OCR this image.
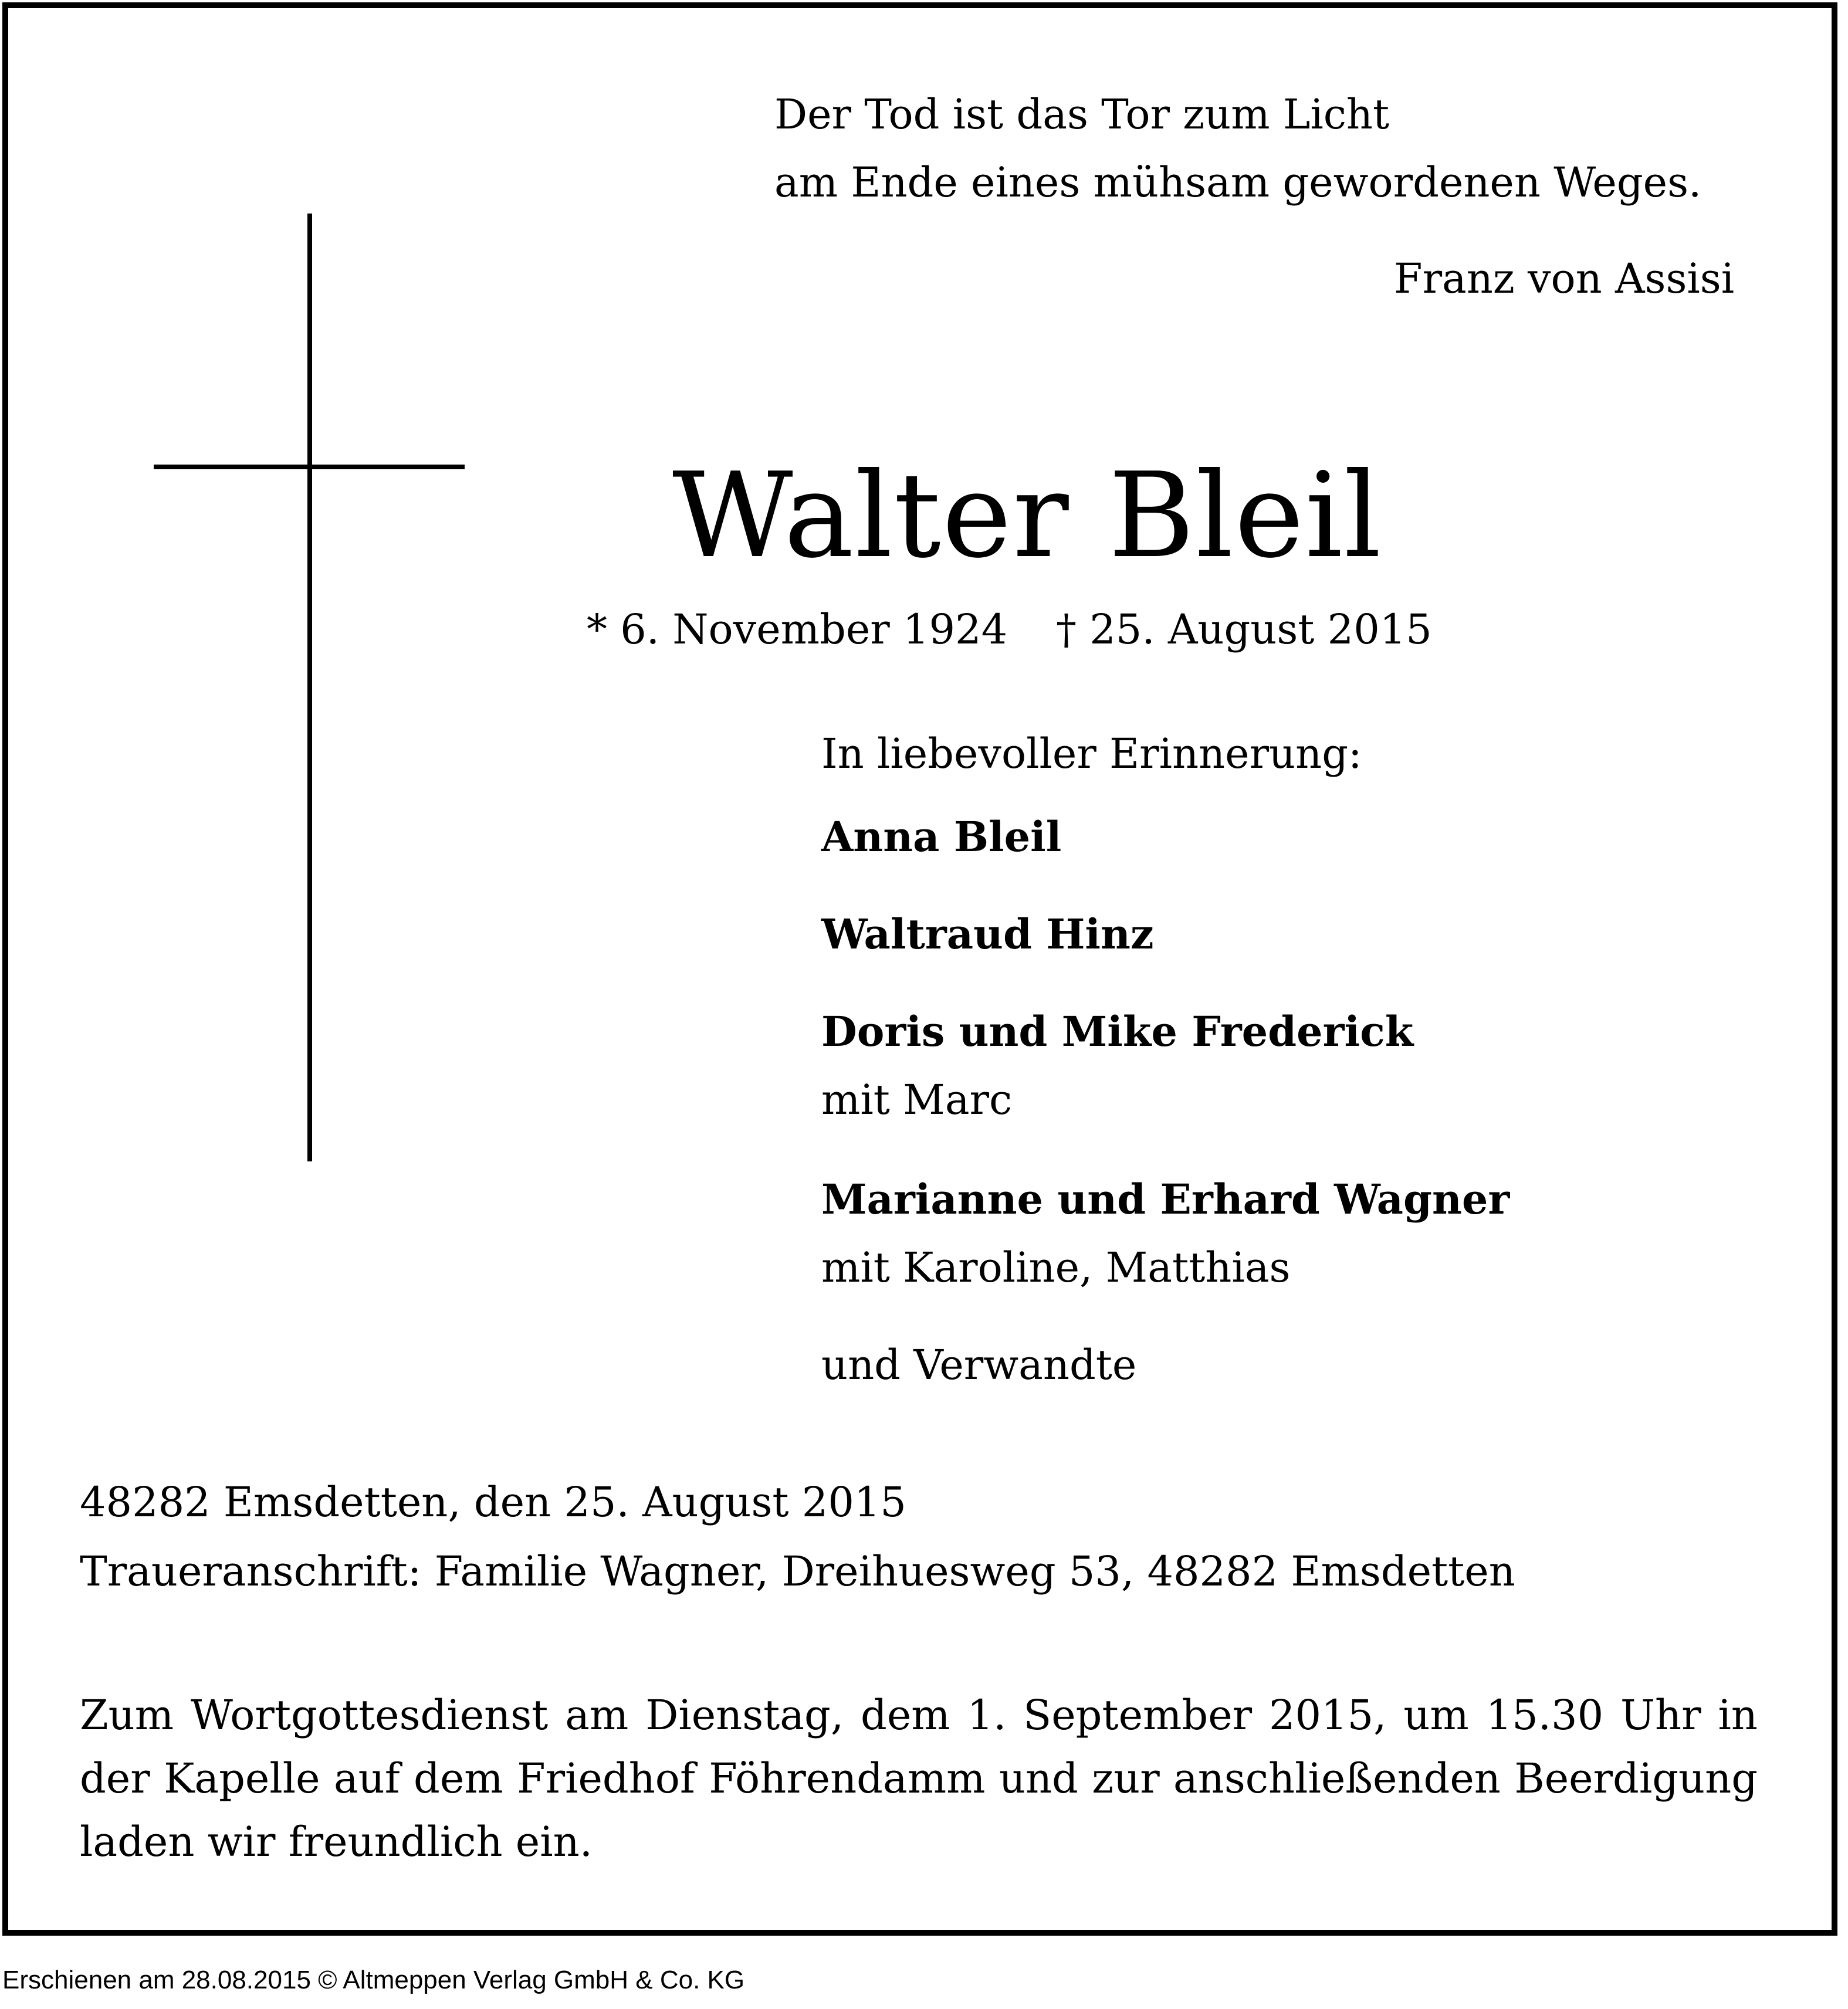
Der Tod ist das Tor zum Licht
am Ende eines mühsam gewordenen Weges.
Franz von Assisi
Walter Bleil
* 6. November 1924 † 25. August 2015
In liebevoller Erinnerung:
Anna Bleil
Waltraud Hinz
Doris und Mike Frederick
mit Marc
Marianne und Erhard Wagner
mit Karoline, Matthias
und Verwandte
48282 Emsdetten, den 25. August 2015
Traueranschrift: Familie Wagner, Dreihuesweg 53, 48282 Emsdetten
Zum Wortgottesdienst am Dienstag, dem 1. September 2015, um 15.30 Uhr in der Kapelle auf dem Friedhof Föhrendamm und zur anschließenden Beerdigung laden wir freundlich ein.
Erschienen am 28.08.2015 © Altmeppen Verlag GmbH & Co. KG
